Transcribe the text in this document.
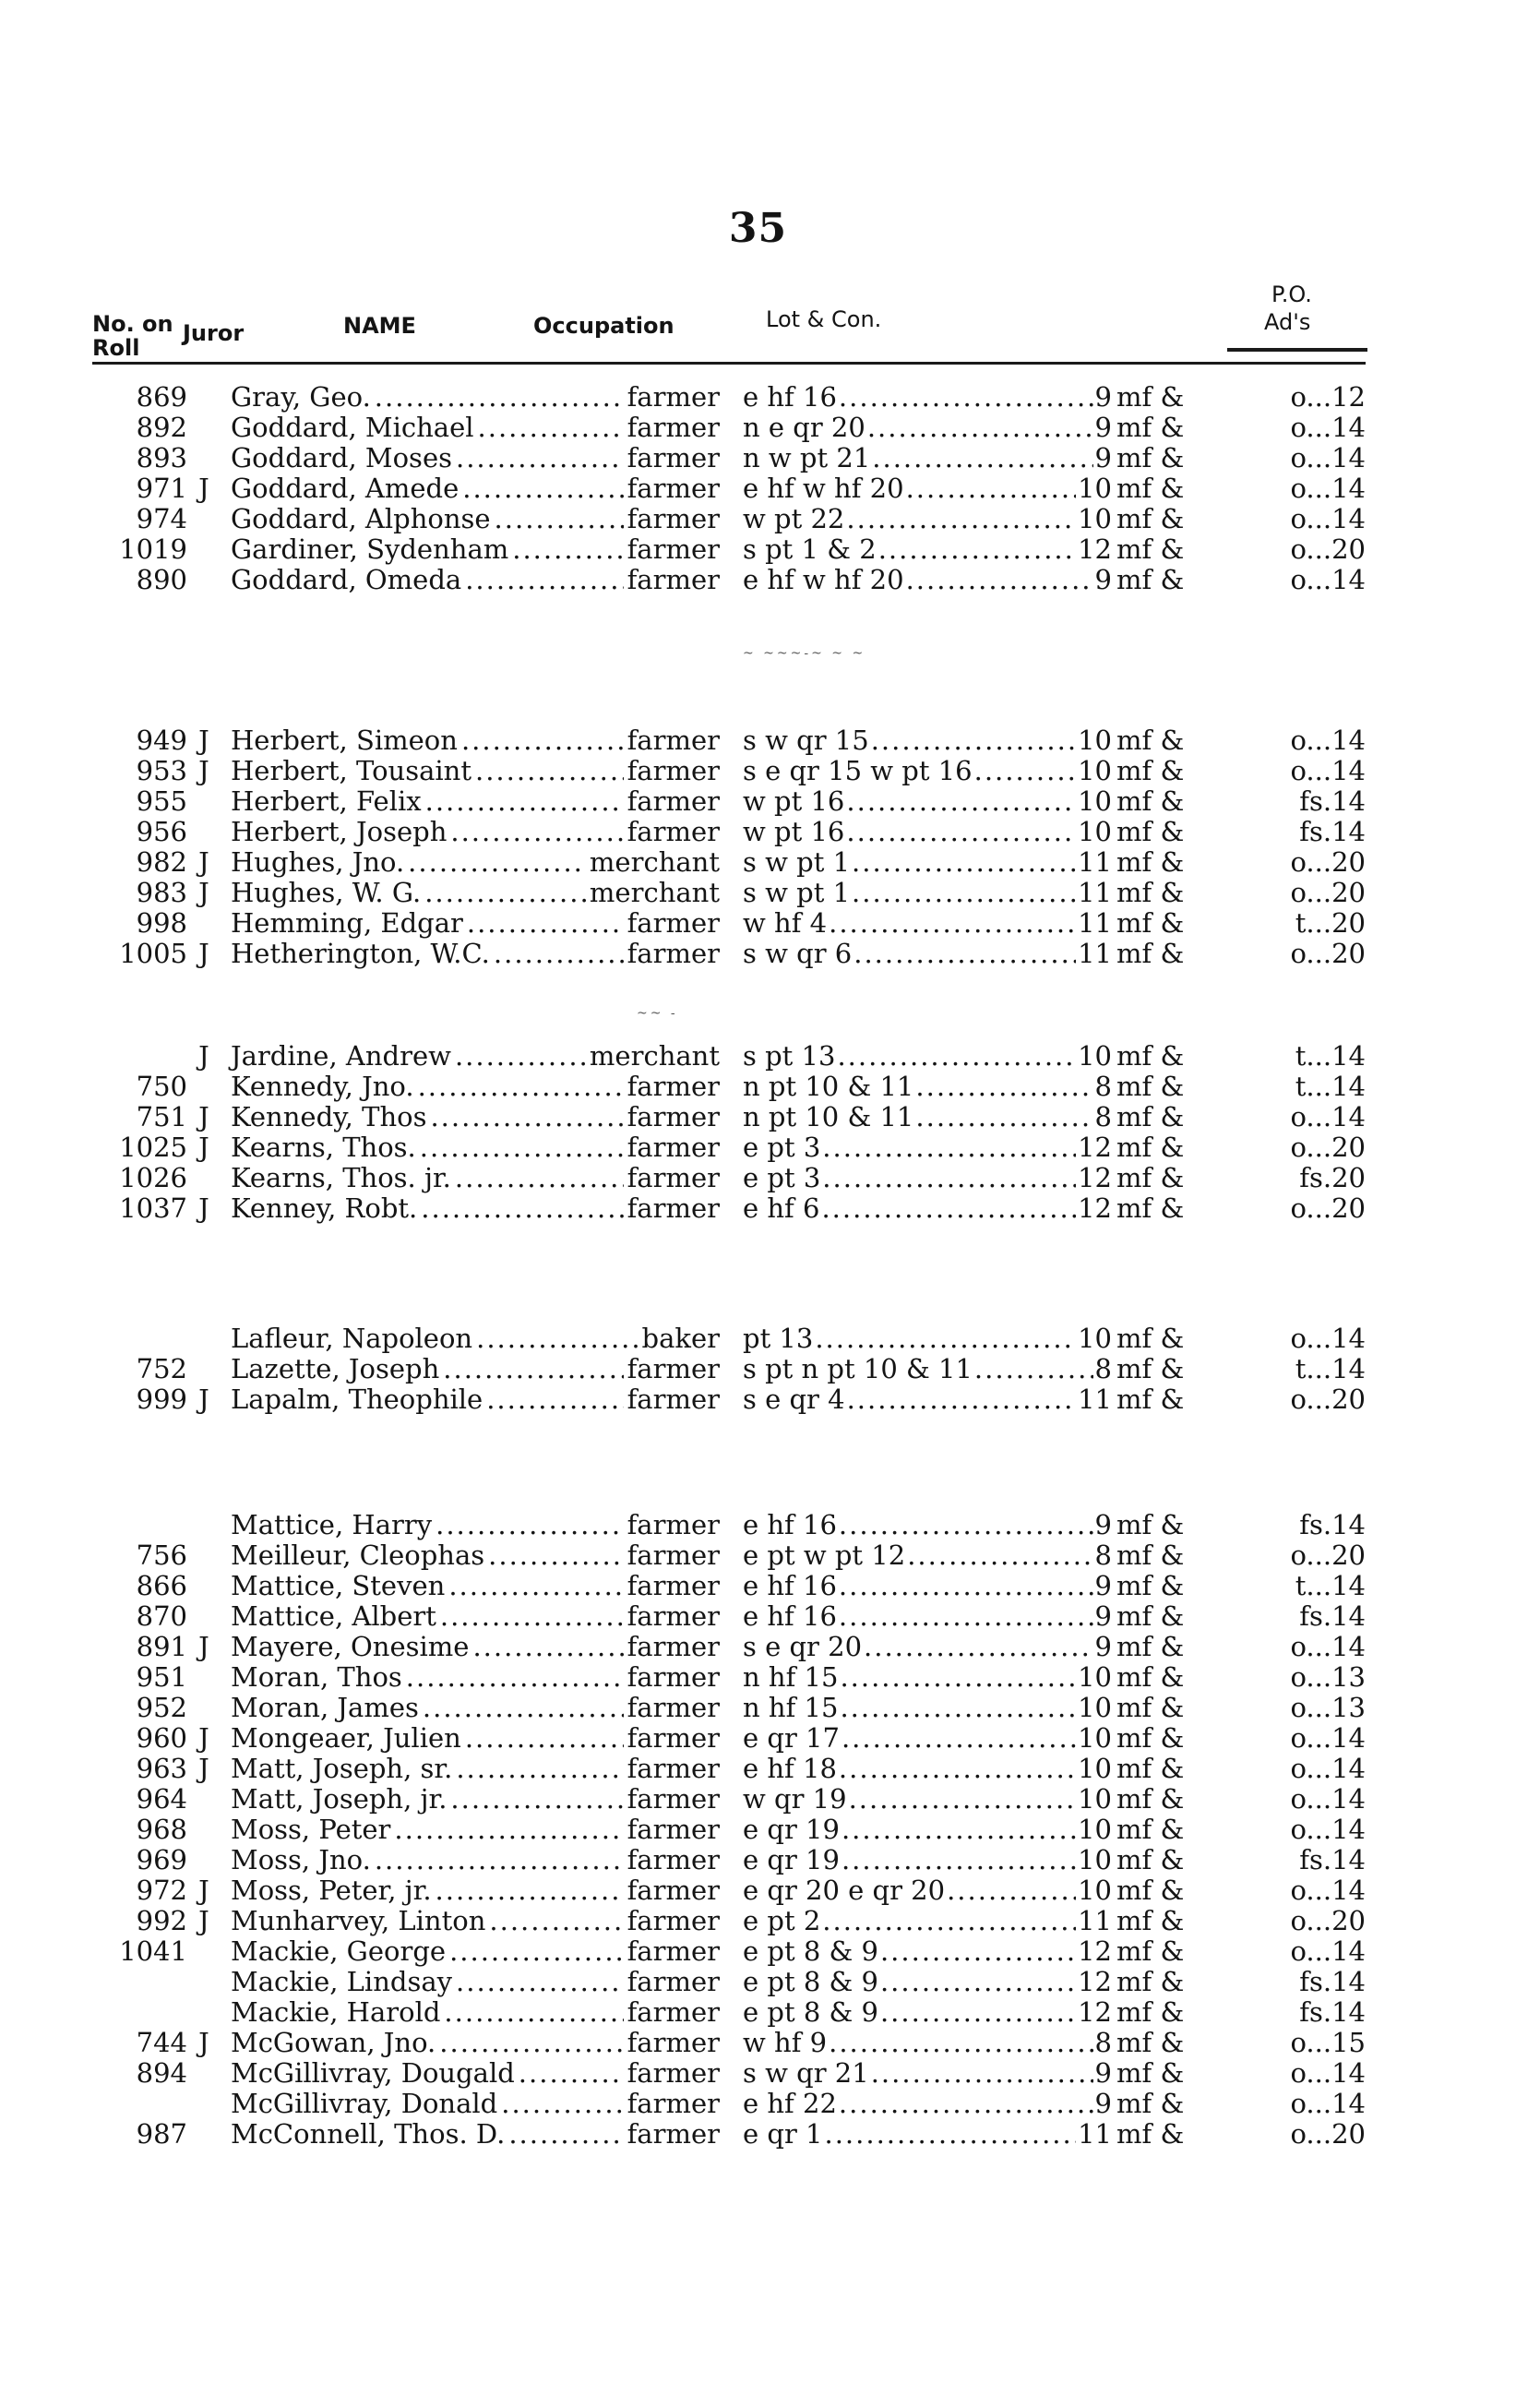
35
No. on Roll
Juror	NAME	Occupation	Lot & Con.
P.O.
Ad's
869 Gray, Geo. .....	farmer e hf 16 .....	9 mf &	o...12
892 Goddard, Michael .....	farmer n e qr 20 .....	9 mf &	o...14
893 Goddard, Moses .....	farmer n w pt 21 .....	9 mf &	o...14
971 J Goddard, Amede .....	farmer e hf w hf 20 .....	10 mf &	o...14
974 Goddard, Alphonse .....	farmer w pt 22 .....	10 mf &	o...14
1019 Gardiner, Sydenham .....	farmer s pt 1 & 2 .....	12 mf &	o...20
890 Goddard, Omeda .....	farmer e hf w hf 20 .....	9 mf &	o...14
~ ~~~-~ ~ ~
949 J Herbert, Simeon .....	farmer s w qr 15 .....	10 mf &	o...14
953 J Herbert, Tousaint .....	farmer s e qr 15 w pt 16 .....	10 mf &	o...14
955 Herbert, Felix .....	farmer w pt 16 .....	10 mf &	fs.14
956 Herbert, Joseph .....	farmer w pt 16 .....	10 mf &	fs.14
982 J Hughes, Jno. .....	merchant s w pt 1 .....	11 mf &	o...20
983 J Hughes, W. G. .....	merchant s w pt 1 .....	11 mf &	o...20
998 Hemming, Edgar .....	farmer w hf 4 .....	11 mf &	t...20
1005 J Hetherington, W.C. .....	farmer s w qr 6 .....	11 mf &	o...20
~~ -
J Jardine, Andrew .....	merchant s pt 13 .....	10 mf &	t...14
750 Kennedy, Jno. .....	farmer n pt 10 & 11 .....	8 mf &	t...14
751 J Kennedy, Thos .....	farmer n pt 10 & 11 .....	8 mf &	o...14
1025 J Kearns, Thos. .....	farmer e pt 3 .....	12 mf &	o...20
1026 Kearns, Thos. jr. .....	farmer e pt 3 .....	12 mf &	fs.20
1037 J Kenney, Robt. .....	farmer e hf 6 .....	12 mf &	o...20
Lafleur, Napoleon .....	baker pt 13 .....	10 mf &	o...14
752 Lazette, Joseph .....	farmer s pt n pt 10 & 11 .....	8 mf &	t...14
999 J Lapalm, Theophile .....	farmer s e qr 4 .....	11 mf &	o...20
Mattice, Harry .....	farmer e hf 16 .....	9 mf &	fs.14
756 Meilleur, Cleophas .....	farmer e pt w pt 12 .....	8 mf &	o...20
866 Mattice, Steven .....	farmer e hf 16 .....	9 mf &	t...14
870 Mattice, Albert .....	farmer e hf 16 .....	9 mf &	fs.14
891 J Mayere, Onesime .....	farmer s e qr 20 .....	9 mf &	o...14
951 Moran, Thos .....	farmer n hf 15 .....	10 mf &	o...13
952 Moran, James .....	farmer n hf 15 .....	10 mf &	o...13
960 J Mongeaer, Julien .....	farmer e qr 17 .....	10 mf &	o...14
963 J Matt, Joseph, sr. .....	farmer e hf 18 .....	10 mf &	o...14
964 Matt, Joseph, jr. .....	farmer w qr 19 .....	10 mf &	o...14
968 Moss, Peter .....	farmer e qr 19 .....	10 mf &	o...14
969 Moss, Jno. .....	farmer e qr 19 .....	10 mf &	fs.14
972 J Moss, Peter, jr. .....	farmer e qr 20 e qr 20 .....	10 mf &	o...14
992 J Munharvey, Linton .....	farmer e pt 2 .....	11 mf &	o...20
1041 Mackie, George .....	farmer e pt 8 & 9 .....	12 mf &	o...14
Mackie, Lindsay .....	farmer e pt 8 & 9 .....	12 mf &	fs.14
Mackie, Harold .....	farmer e pt 8 & 9 .....	12 mf &	fs.14
744 J McGowan, Jno. .....	farmer w hf 9 .....	8 mf &	o...15
894 McGillivray, Dougald .....	farmer s w qr 21 .....	9 mf &	o...14
McGillivray, Donald .....	farmer e hf 22 .....	9 mf &	o...14
987 McConnell, Thos. D. .....	farmer e qr 1 .....	11 mf &	o...20
